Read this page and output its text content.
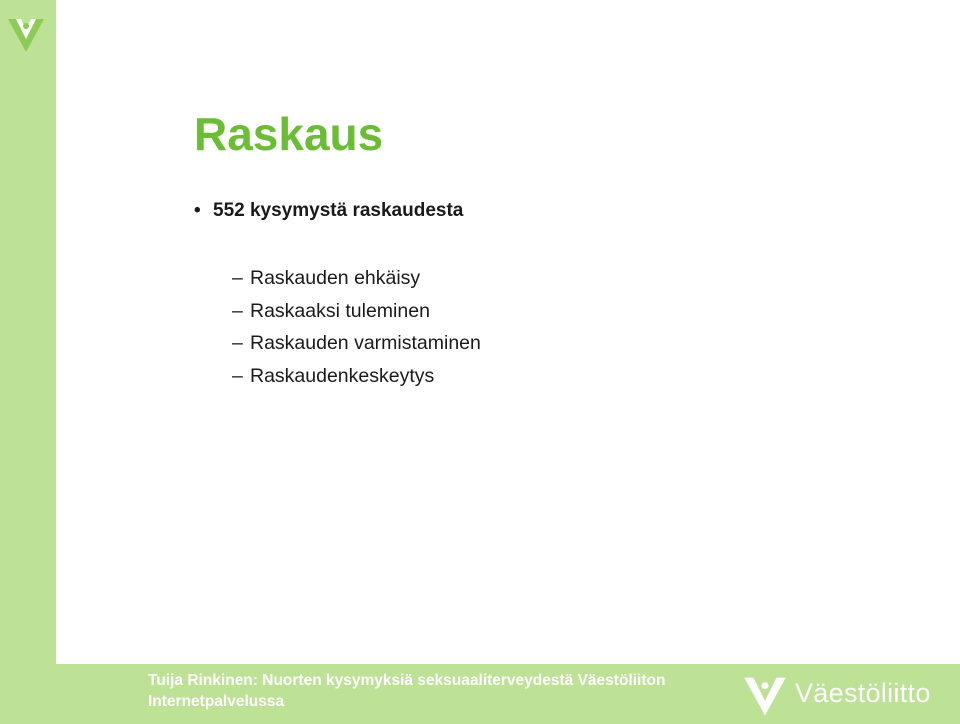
Raskaus
• 552 kysymystä raskaudesta
– Raskauden ehkäisy
– Raskaaksi tuleminen
– Raskauden varmistaminen
– Raskaudenkeskeytys
Tuija Rinkinen: Nuorten kysymyksiä seksuaaliterveydestä Väestöliiton
Internetpalvelussa	Väestöliitto
